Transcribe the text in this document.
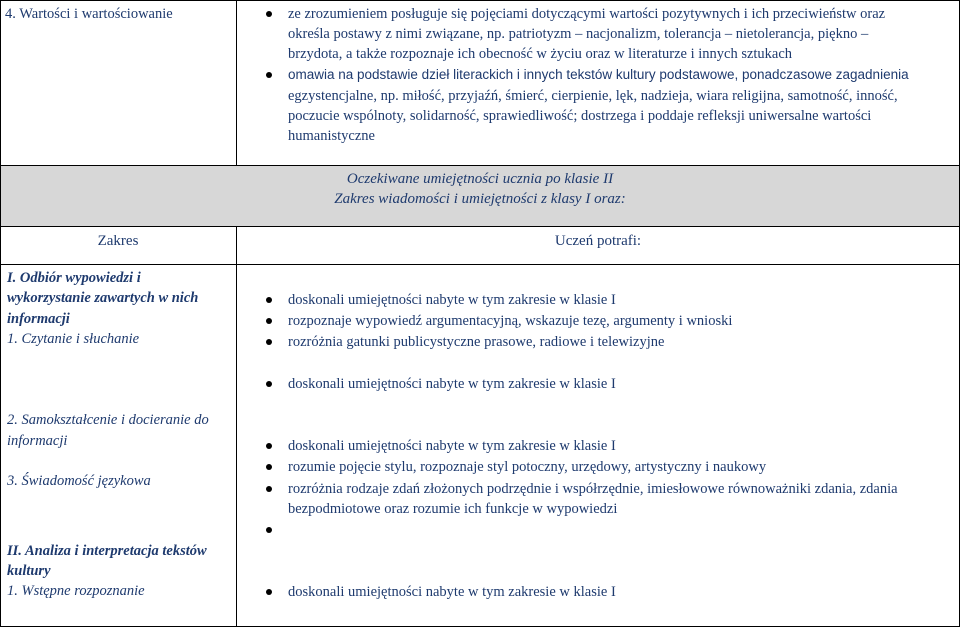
4. Wartości i wartościowanie	ze zrozumieniem posługuje się pojęciami dotyczącymi wartości pozytywnych i ich przeciwieństw oraz
określa postawy z nimi związane, np. patriotyzm – nacjonalizm, tolerancja – nietolerancja, piękno –
brzydota, a także rozpoznaje ich obecność w życiu oraz w literaturze i innych sztukach
omawia na podstawie dzieł literackich i innych tekstów kultury podstawowe, ponadczasowe zagadnienia
egzystencjalne, np. miłość, przyjaźń, śmierć, cierpienie, lęk, nadzieja, wiara religijna, samotność, inność,
poczucie wspólnoty, solidarność, sprawiedliwość; dostrzega i poddaje refleksji uniwersalne wartości
humanistyczne
Oczekiwane umiejętności ucznia po klasie II
Zakres wiadomości i umiejętności z klasy I oraz:
Zakres	Uczeń potrafi:
I. Odbiór wypowiedzi i
wykorzystanie zawartych w nich
informacji
1. Czytanie i słuchanie
2. Samokształcenie i docieranie do
informacji
3. Świadomość językowa
II. Analiza i interpretacja tekstów
kultury
1. Wstępne rozpoznanie
doskonali umiejętności nabyte w tym zakresie w klasie I
rozpoznaje wypowiedź argumentacyjną, wskazuje tezę, argumenty i wnioski
rozróżnia gatunki publicystyczne prasowe, radiowe i telewizyjne
doskonali umiejętności nabyte w tym zakresie w klasie I
doskonali umiejętności nabyte w tym zakresie w klasie I
rozumie pojęcie stylu, rozpoznaje styl potoczny, urzędowy, artystyczny i naukowy
rozróżnia rodzaje zdań złożonych podrzędnie i współrzędnie, imiesłowowe równoważniki zdania, zdania
bezpodmiotowe oraz rozumie ich funkcje w wypowiedzi
doskonali umiejętności nabyte w tym zakresie w klasie I
